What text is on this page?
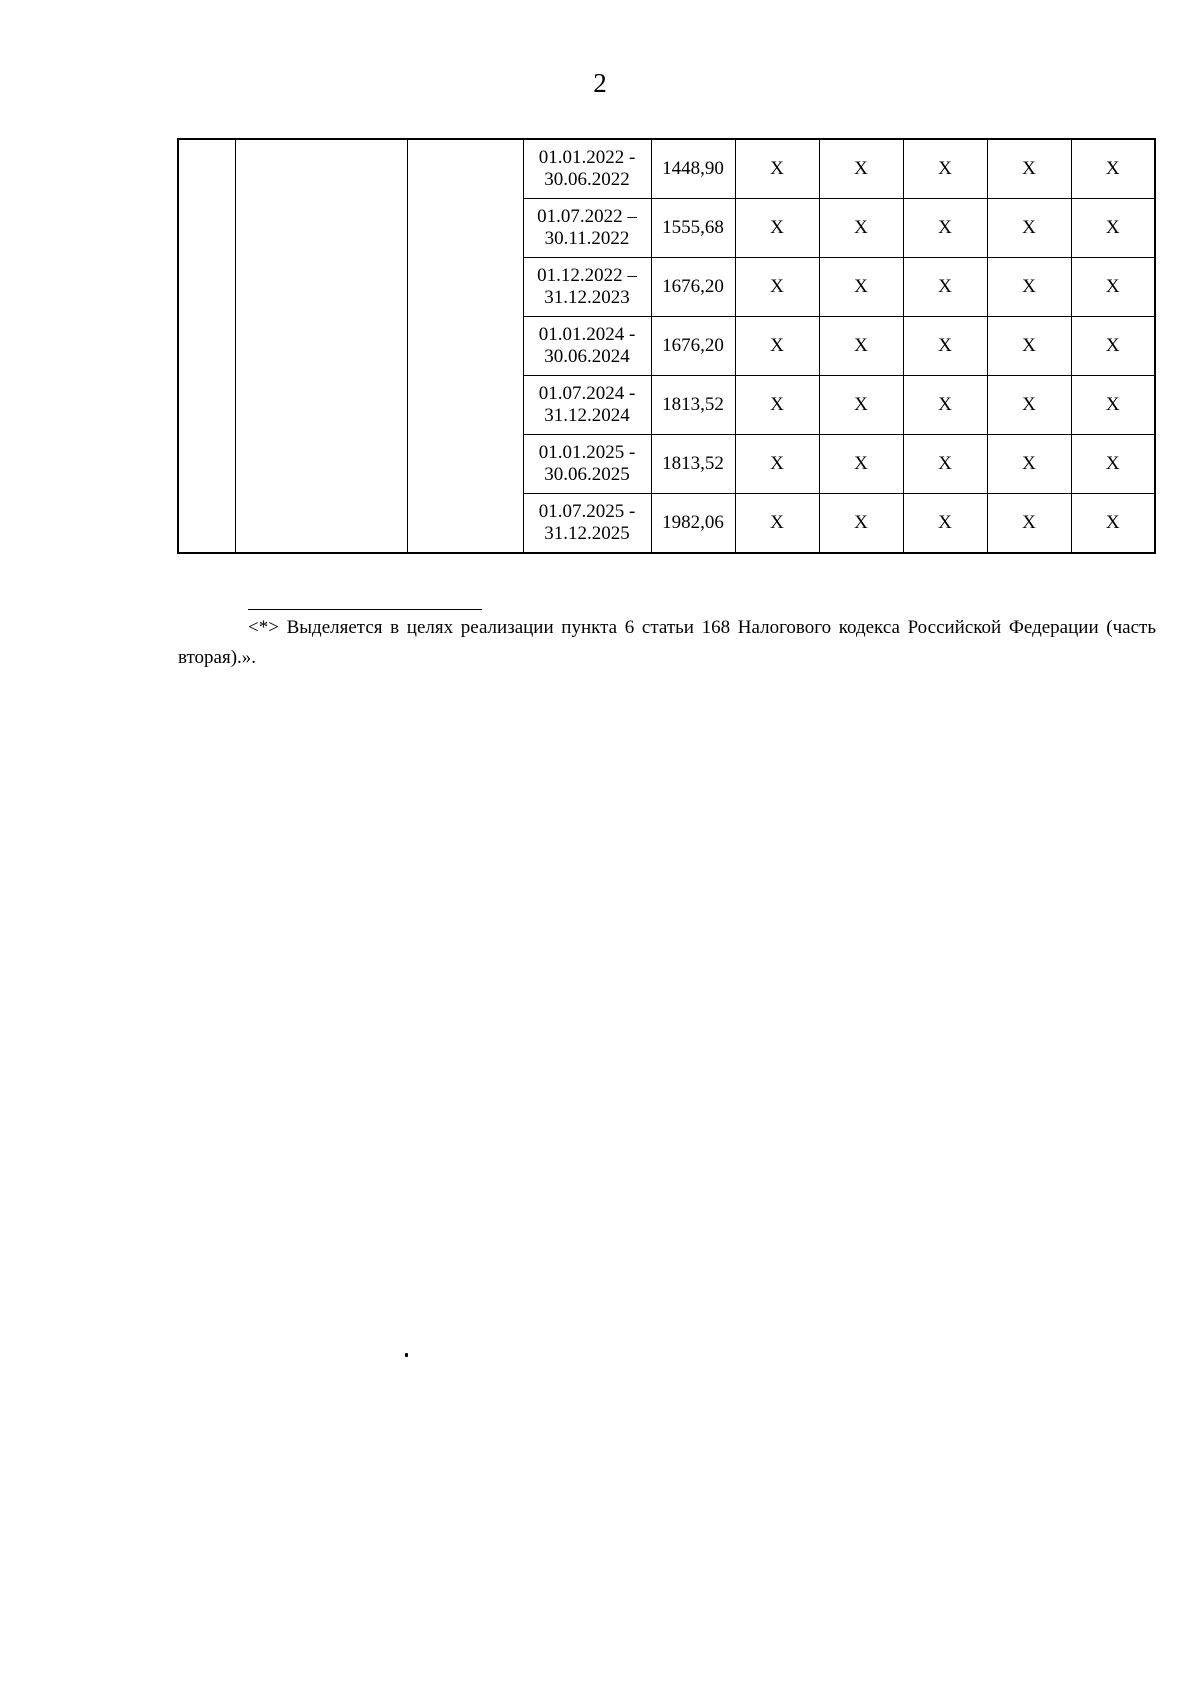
2

			01.01.2022 -
30.06.2022	1448,90	Х	Х	Х	Х	Х

			01.07.2022 –
30.11.2022	1555,68	Х	Х	Х	Х	Х

			01.12.2022 –
31.12.2023	1676,20	Х	Х	Х	Х	Х

			01.01.2024 -
30.06.2024	1676,20	Х	Х	Х	Х	Х

			01.07.2024 -
31.12.2024	1813,52	Х	Х	Х	Х	Х

			01.01.2025 -
30.06.2025	1813,52	Х	Х	Х	Х	Х

			01.07.2025 -
31.12.2025	1982,06	Х	Х	Х	Х	Х

<*> Выделяется в целях реализации пункта 6 статьи 168 Налогового кодекса Российской Федерации (часть вторая).».
